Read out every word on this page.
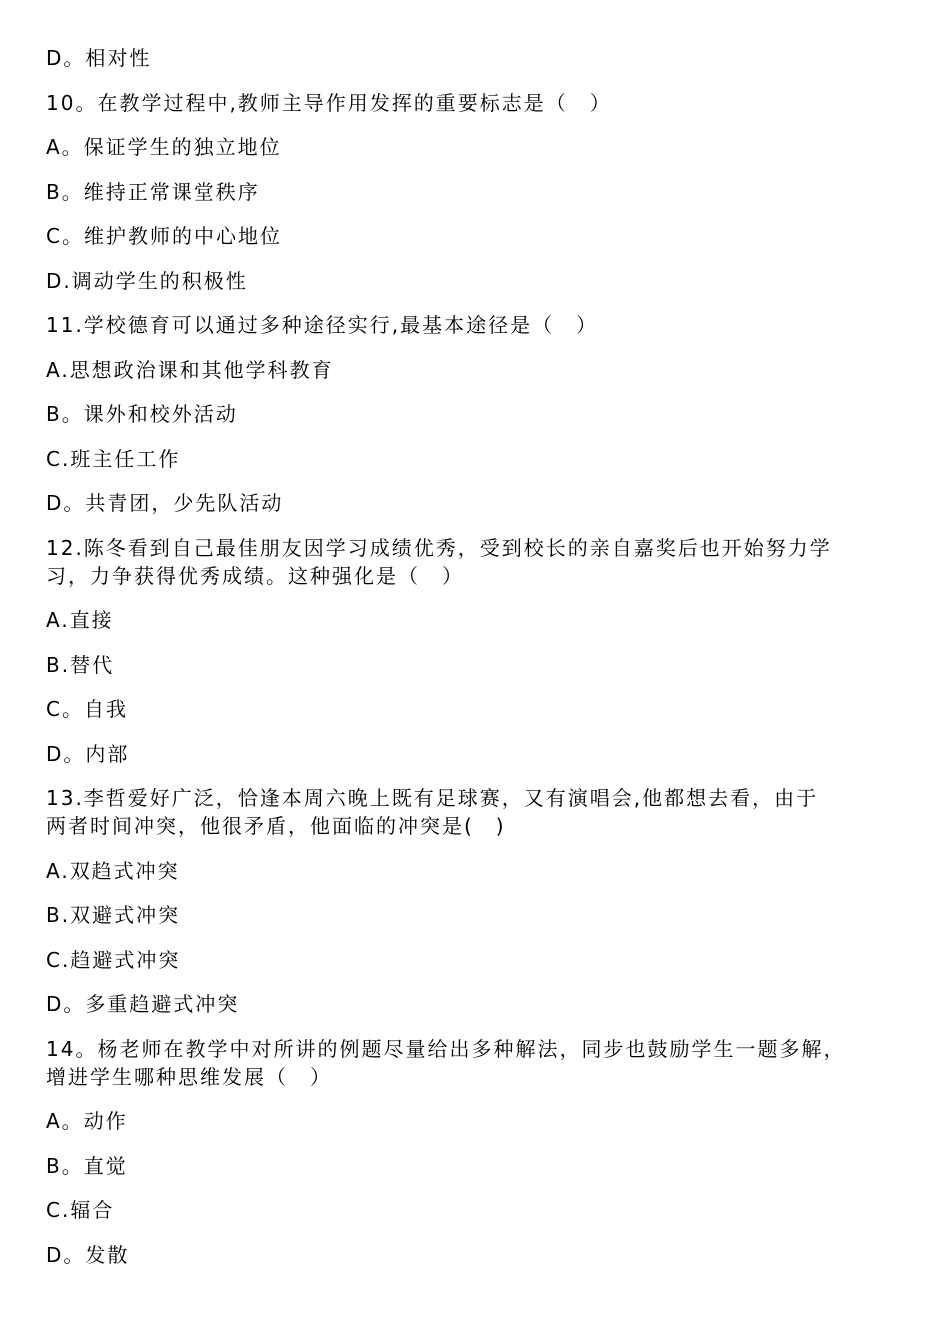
D。相对性
10。在教学过程中,教师主导作用发挥的重要标志是（　）
A。保证学生的独立地位
B。维持正常课堂秩序
C。维护教师的中心地位
D.调动学生的积极性
11.学校德育可以通过多种途径实行,最基本途径是（　）
A.思想政治课和其他学科教育
B。课外和校外活动
C.班主任工作
D。共青团，少先队活动
12.陈冬看到自己最佳朋友因学习成绩优秀，受到校长的亲自嘉奖后也开始努力学
习，力争获得优秀成绩。这种强化是（　）
A.直接
B.替代
C。自我
D。内部
13.李哲爱好广泛，恰逢本周六晚上既有足球赛，又有演唱会,他都想去看，由于
两者时间冲突，他很矛盾，他面临的冲突是(　)
A.双趋式冲突
B.双避式冲突
C.趋避式冲突
D。多重趋避式冲突
14。杨老师在教学中对所讲的例题尽量给出多种解法，同步也鼓励学生一题多解，
增进学生哪种思维发展（　）
A。动作
B。直觉
C.辐合
D。发散
